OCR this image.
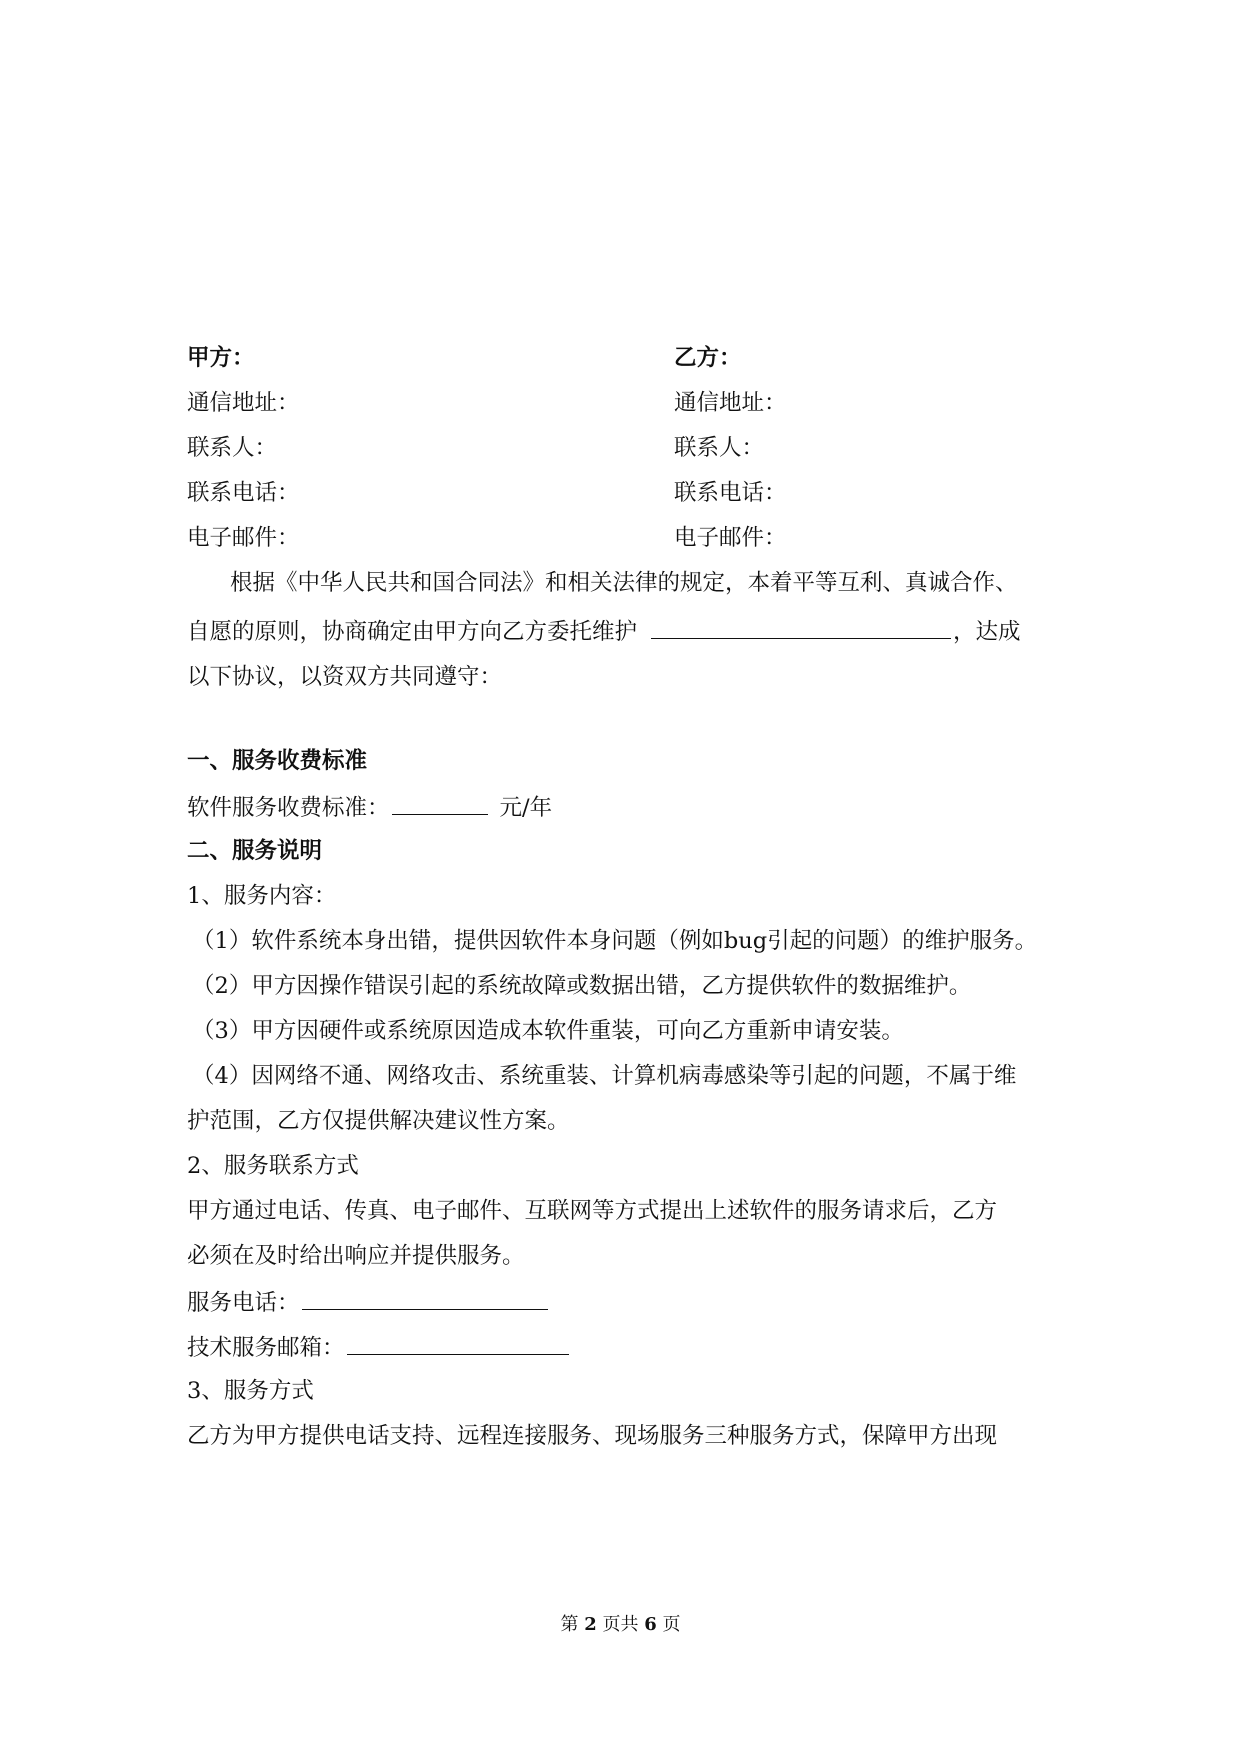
甲方：
通信地址：
联系人：
联系电话：
电子邮件：
乙方：
通信地址：
联系人：
联系电话：
电子邮件：
根据《中华人民共和国合同法》和相关法律的规定，本着平等互利、真诚合作、
自愿的原则，协商确定由甲方向乙方委托维护	，达成
以下协议，以资双方共同遵守：
一、服务收费标准
软件服务收费标准：	元/年
二、服务说明
1、服务内容：
（1）软件系统本身出错，提供因软件本身问题（例如bug引起的问题）的维护服务。
（2）甲方因操作错误引起的系统故障或数据出错，乙方提供软件的数据维护。
（3）甲方因硬件或系统原因造成本软件重装，可向乙方重新申请安装。
（4）因网络不通、网络攻击、系统重装、计算机病毒感染等引起的问题，不属于维
护范围，乙方仅提供解决建议性方案。
2、服务联系方式
甲方通过电话、传真、电子邮件、互联网等方式提出上述软件的服务请求后，乙方
必须在及时给出响应并提供服务。
服务电话：
技术服务邮箱：
3、服务方式
乙方为甲方提供电话支持、远程连接服务、现场服务三种服务方式，保障甲方出现
第 2 页共 6 页
